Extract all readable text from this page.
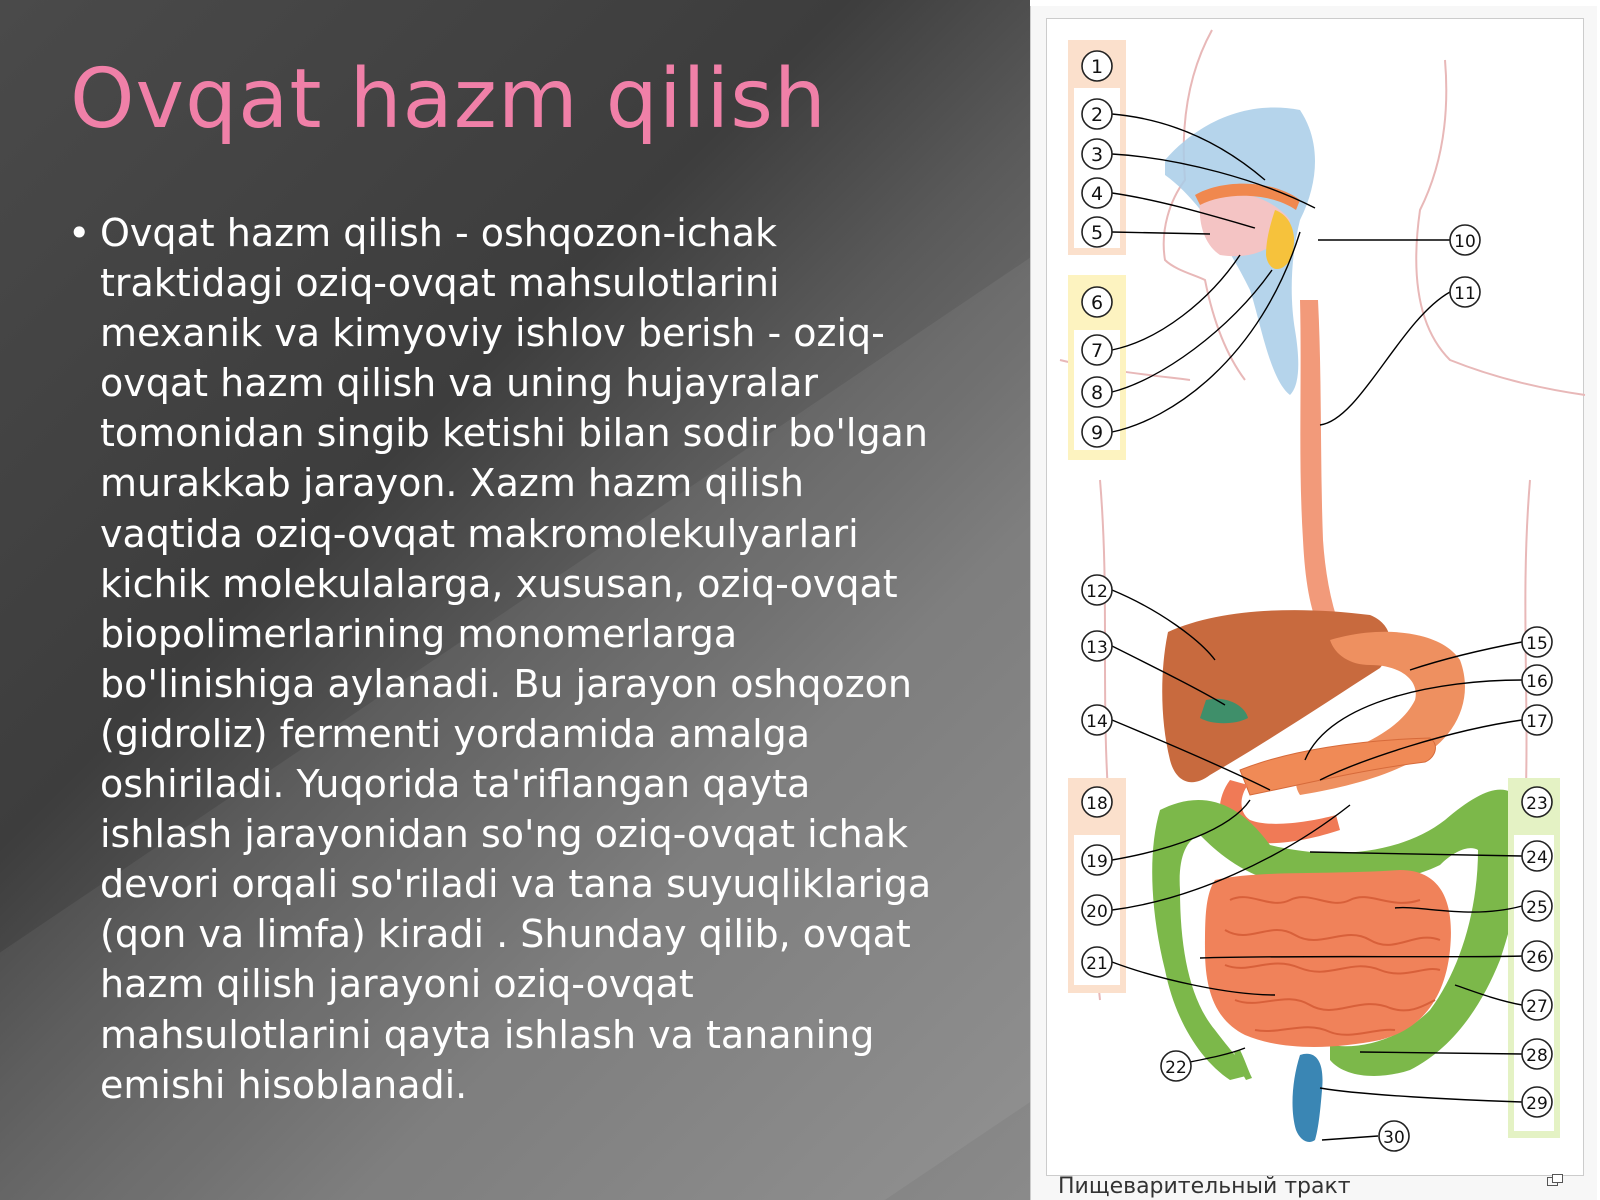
Ovqat hazm qilish
• Ovqat hazm qilish - oshqozon-ichak traktidagi oziq-ovqat mahsulotlarini mexanik va kimyoviy ishlov berish - oziq-ovqat hazm qilish va uning hujayralar tomonidan singib ketishi bilan sodir bo'lgan murakkab jarayon. Xazm hazm qilish vaqtida oziq-ovqat makromolekulyarlari kichik molekulalarga, xususan, oziq-ovqat biopolimerlarining monomerlarga bo'linishiga aylanadi. Bu jarayon oshqozon (gidroliz) fermenti yordamida amalga oshiriladi. Yuqorida ta'riflangan qayta ishlash jarayonidan so'ng oziq-ovqat ichak devori orqali so'riladi va tana suyuqliklariga (qon va limfa) kiradi . Shunday qilib, ovqat hazm qilish jarayoni oziq-ovqat mahsulotlarini qayta ishlash va tananing emishi hisoblanadi.
1
2
3
4
5
6
7
8
9
10
11
12
13
14
15
16
17
18
19
20
21
22
23
24
25
26
27
28
29
30
Пищеварительный тракт
